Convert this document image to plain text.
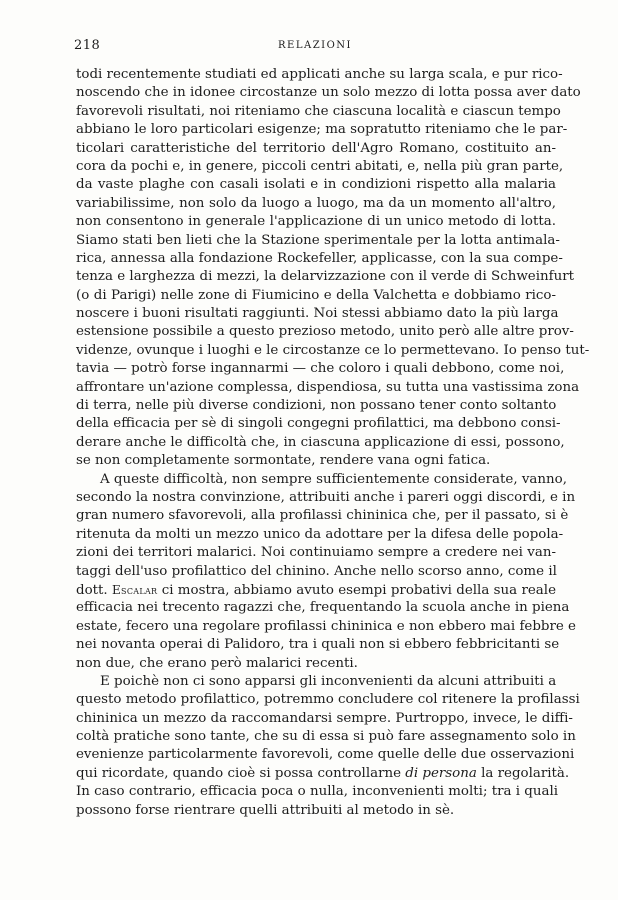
218	RELAZIONI
todi recentemente studiati ed applicati anche su larga scala, e pur rico-
noscendo che in idonee circostanze un solo mezzo di lotta possa aver dato
favorevoli risultati, noi riteniamo che ciascuna località e ciascun tempo
abbiano le loro particolari esigenze; ma sopratutto riteniamo che le par-
ticolari caratteristiche del territorio dell'Agro Romano, costituito an-
cora da pochi e, in genere, piccoli centri abitati, e, nella più gran parte,
da vaste plaghe con casali isolati e in condizioni rispetto alla malaria
variabilissime, non solo da luogo a luogo, ma da un momento all'altro,
non consentono in generale l'applicazione di un unico metodo di lotta.
Siamo stati ben lieti che la Stazione sperimentale per la lotta antimala-
rica, annessa alla fondazione Rockefeller, applicasse, con la sua compe-
tenza e larghezza di mezzi, la delarvizzazione con il verde di Schweinfurt
(o di Parigi) nelle zone di Fiumicino e della Valchetta e dobbiamo rico-
noscere i buoni risultati raggiunti. Noi stessi abbiamo dato la più larga
estensione possibile a questo prezioso metodo, unito però alle altre prov-
videnze, ovunque i luoghi e le circostanze ce lo permettevano. Io penso tut-
tavia — potrò forse ingannarmi — che coloro i quali debbono, come noi,
affrontare un'azione complessa, dispendiosa, su tutta una vastissima zona
di terra, nelle più diverse condizioni, non possano tener conto soltanto
della efficacia per sè di singoli congegni profilattici, ma debbono consi-
derare anche le difficoltà che, in ciascuna applicazione di essi, possono,
se non completamente sormontate, rendere vana ogni fatica.
A queste difficoltà, non sempre sufficientemente considerate, vanno,
secondo la nostra convinzione, attribuiti anche i pareri oggi discordi, e in
gran numero sfavorevoli, alla profilassi chininica che, per il passato, si è
ritenuta da molti un mezzo unico da adottare per la difesa delle popola-
zioni dei territori malarici. Noi continuiamo sempre a credere nei van-
taggi dell'uso profilattico del chinino. Anche nello scorso anno, come il
dott. Escalar ci mostra, abbiamo avuto esempi probativi della sua reale
efficacia nei trecento ragazzi che, frequentando la scuola anche in piena
estate, fecero una regolare profilassi chininica e non ebbero mai febbre e
nei novanta operai di Palidoro, tra i quali non si ebbero febbricitanti se
non due, che erano però malarici recenti.
E poichè non ci sono apparsi gli inconvenienti da alcuni attribuiti a
questo metodo profilattico, potremmo concludere col ritenere la profilassi
chininica un mezzo da raccomandarsi sempre. Purtroppo, invece, le diffi-
coltà pratiche sono tante, che su di essa si può fare assegnamento solo in
evenienze particolarmente favorevoli, come quelle delle due osservazioni
qui ricordate, quando cioè si possa controllarne di persona la regolarità.
In caso contrario, efficacia poca o nulla, inconvenienti molti; tra i quali
possono forse rientrare quelli attribuiti al metodo in sè.
